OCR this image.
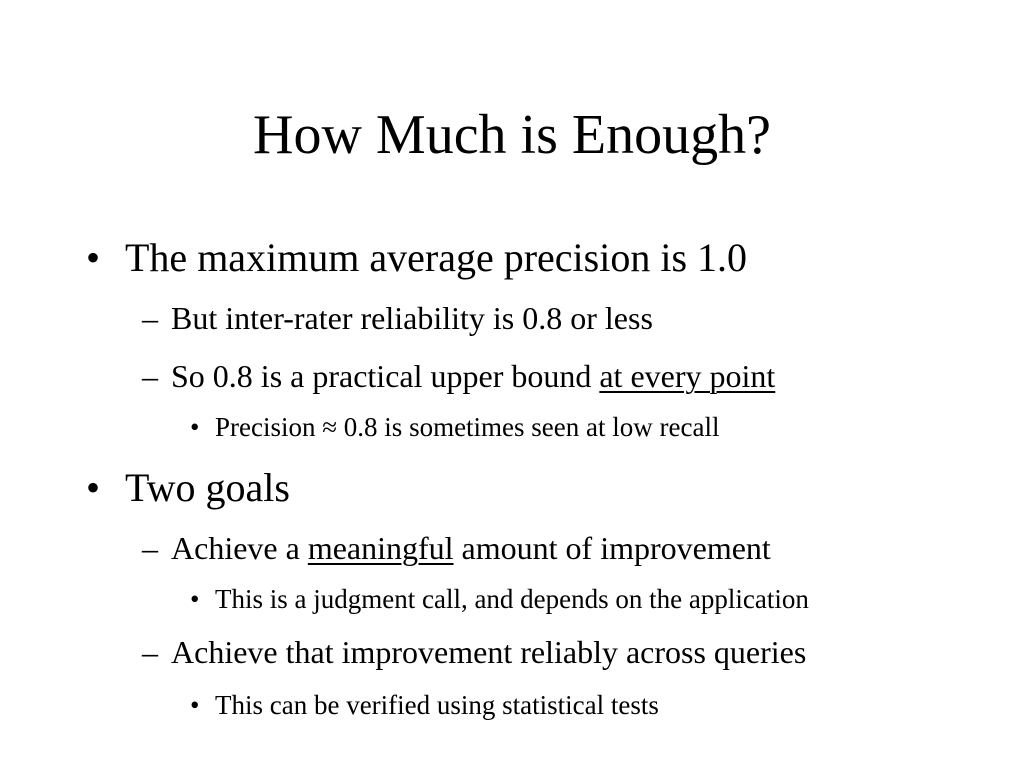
How Much is Enough?
• The maximum average precision is 1.0
– But inter-rater reliability is 0.8 or less
– So 0.8 is a practical upper bound at every point
• Precision ≈ 0.8 is sometimes seen at low recall
• Two goals
– Achieve a meaningful amount of improvement
• This is a judgment call, and depends on the application
– Achieve that improvement reliably across queries
• This can be verified using statistical tests
